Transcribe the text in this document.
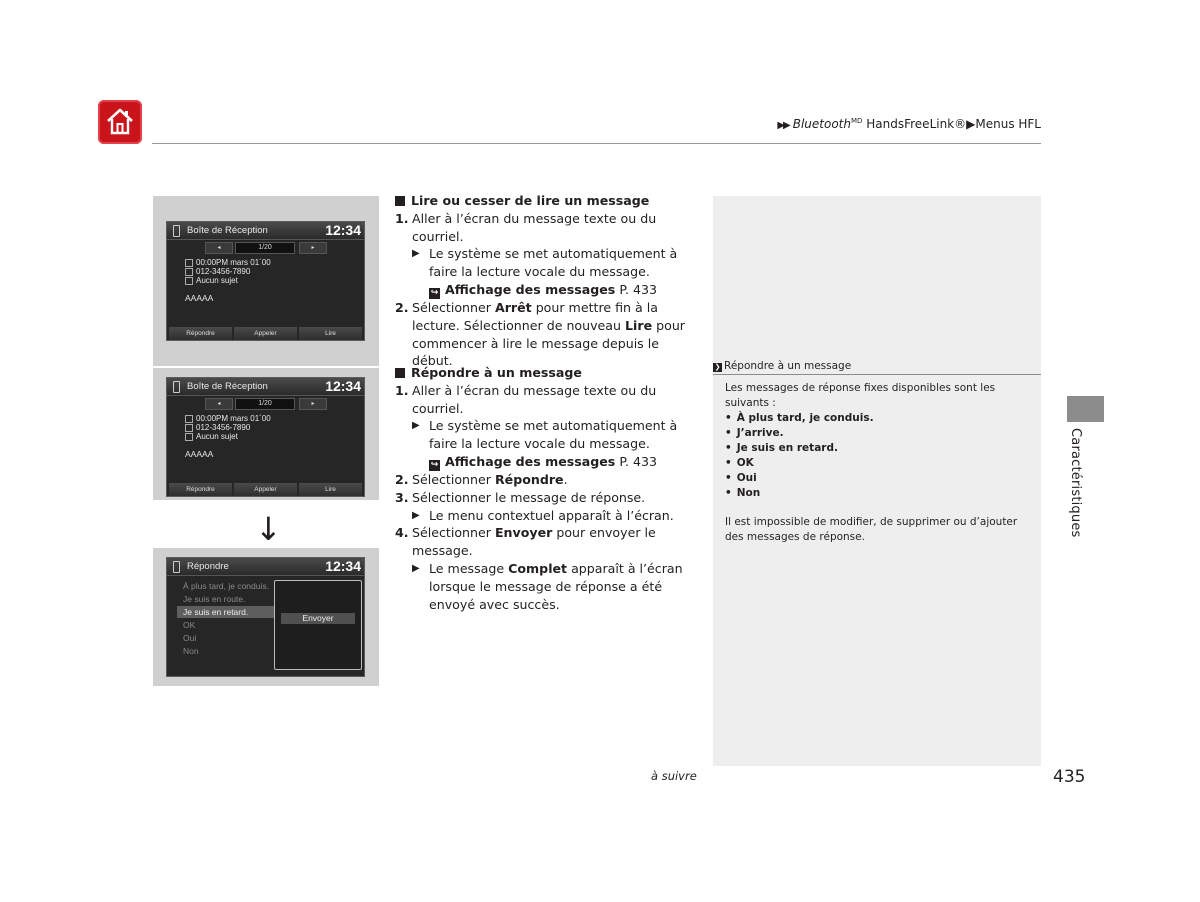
▶▶ Bluetooth$^{MD}$ HandsFreeLink®▶Menus HFL
Boîte de Réception	12:34
◂	1/20	▸
00:00PM mars 01´00
012-3456-7890
Aucun sujet
AAAAA
Répondre	Appeler	Lire
Boîte de Réception	12:34
◂	1/20	▸
00:00PM mars 01´00
012-3456-7890
Aucun sujet
AAAAA
Répondre	Appeler	Lire
↓
Répondre	12:34
À plus tard, je conduis.
Je suis en route.
Je suis en retard.
OK
Oui
Non
Envoyer
Lire ou cesser de lire un message
1. Aller à l’écran du message texte ou du courriel.
▶ Le système se met automatiquement à faire la lecture vocale du message.
↪ Affichage des messages P. 433
2. Sélectionner Arrêt pour mettre fin à la lecture. Sélectionner de nouveau Lire pour commencer à lire le message depuis le début.
Répondre à un message
1. Aller à l’écran du message texte ou du courriel.
▶ Le système se met automatiquement à faire la lecture vocale du message.
↪ Affichage des messages P. 433
2. Sélectionner Répondre.
3. Sélectionner le message de réponse.
▶ Le menu contextuel apparaît à l’écran.
4. Sélectionner Envoyer pour envoyer le message.
▶ Le message Complet apparaît à l’écran lorsque le message de réponse a été envoyé avec succès.
❯ Répondre à un message
Les messages de réponse fixes disponibles sont les suivants :
• À plus tard, je conduis.
• J’arrive.
• Je suis en retard.
• OK
• Oui
• Non
Il est impossible de modifier, de supprimer ou d’ajouter des messages de réponse.	Caractéristiques
à suivre	435
